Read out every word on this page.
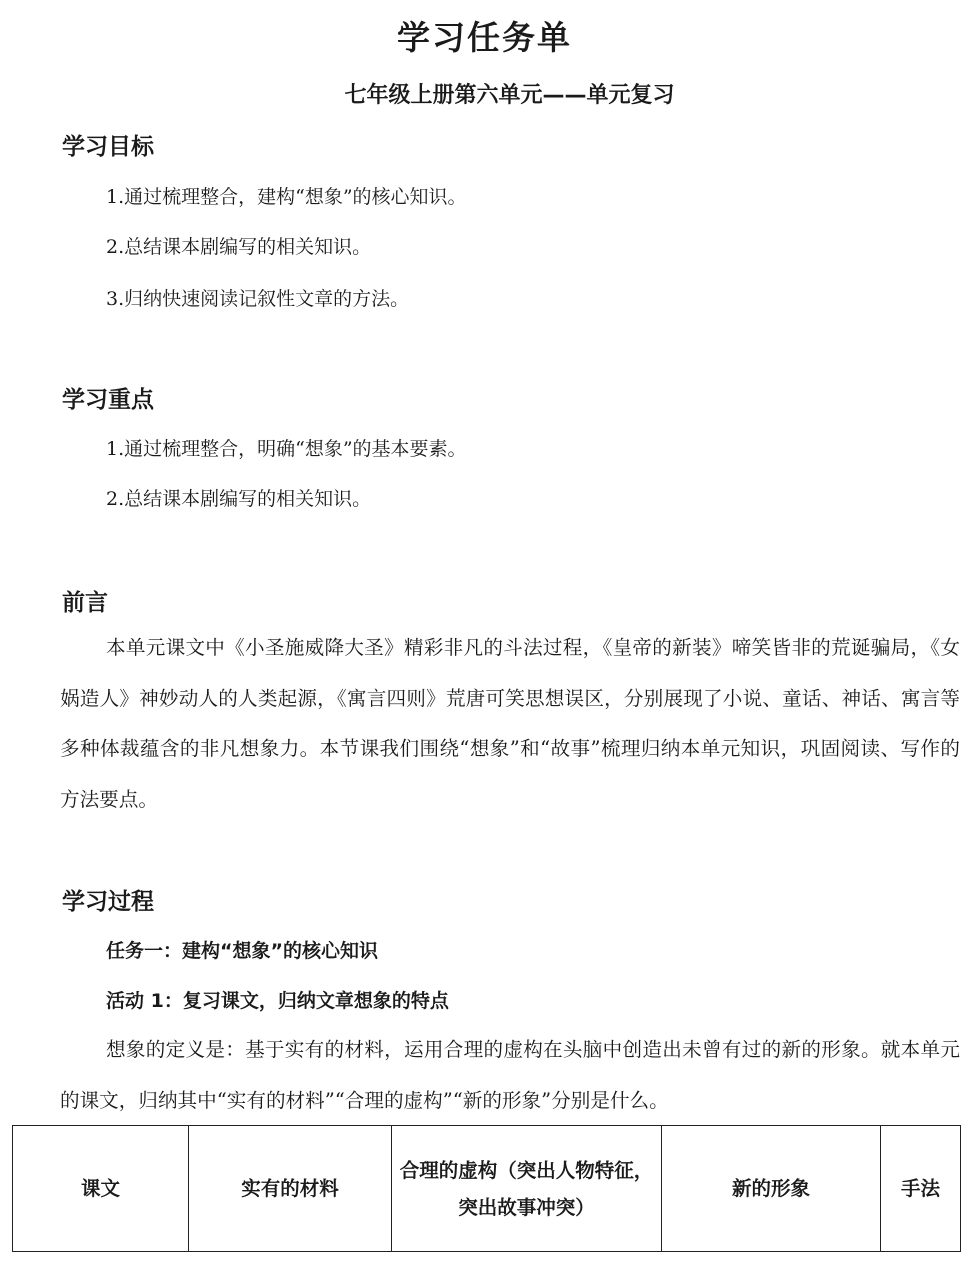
学习任务单
七年级上册第六单元——单元复习
学习目标
1.通过梳理整合，建构“想象”的核心知识。
2.总结课本剧编写的相关知识。
3.归纳快速阅读记叙性文章的方法。
学习重点
1.通过梳理整合，明确“想象”的基本要素。
2.总结课本剧编写的相关知识。
前言
本单元课文中《小圣施威降大圣》精彩非凡的斗法过程，《皇帝的新装》啼笑皆非的荒诞骗局，《女娲造人》神妙动人的人类起源，《寓言四则》荒唐可笑思想误区，分别展现了小说、童话、神话、寓言等多种体裁蕴含的非凡想象力。本节课我们围绕“想象”和“故事”梳理归纳本单元知识，巩固阅读、写作的方法要点。
学习过程
任务一：建构“想象”的核心知识
活动 1：复习课文，归纳文章想象的特点
想象的定义是：基于实有的材料，运用合理的虚构在头脑中创造出未曾有过的新的形象。就本单元的课文，归纳其中“实有的材料”“合理的虚构”“新的形象”分别是什么。
课文	实有的材料	合理的虚构（突出人物特征，突出故事冲突）	新的形象	手法
